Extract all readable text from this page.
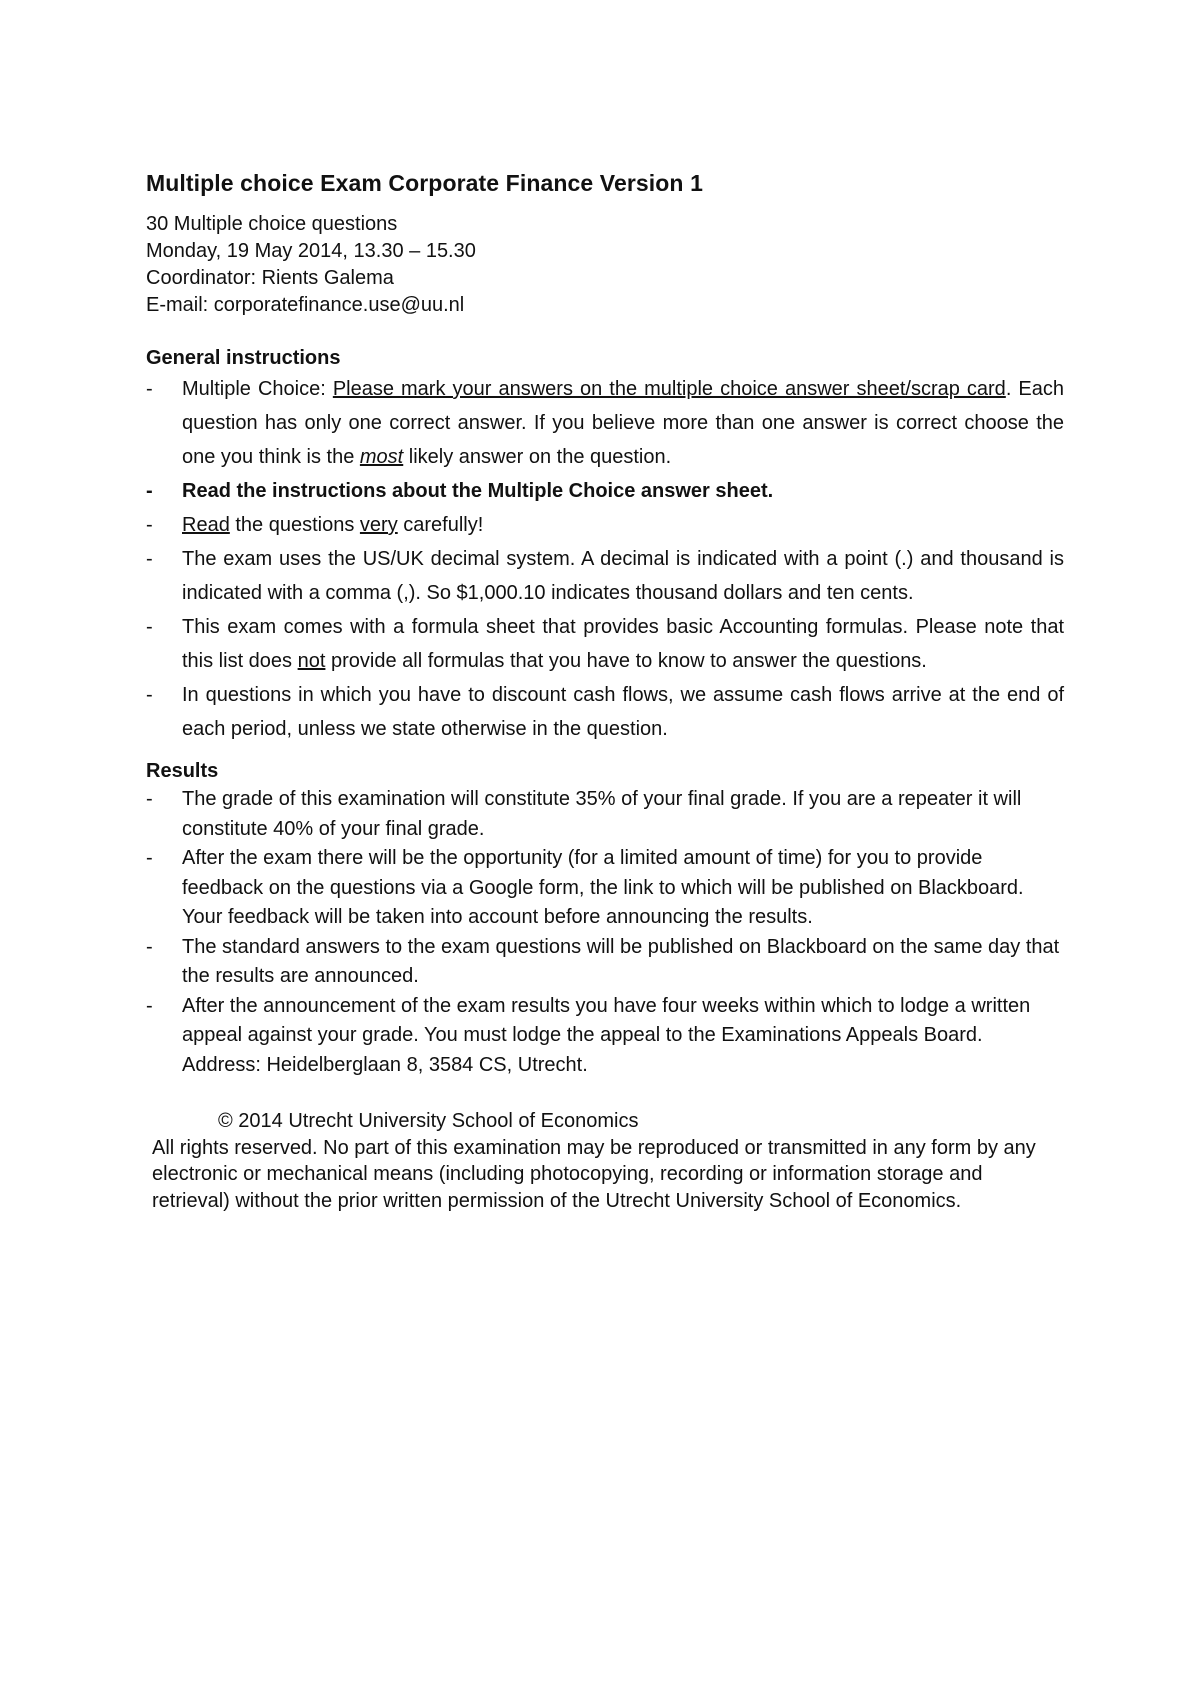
Multiple choice Exam Corporate Finance Version 1

30 Multiple choice questions

Monday, 19 May 2014, 13.30 – 15.30

Coordinator: Rients Galema

E-mail: corporatefinance.use@uu.nl

General instructions
- Multiple Choice: Please mark your answers on the multiple choice answer sheet/scrap card. Each question has only one correct answer. If you believe more than one answer is correct choose the one you think is the most likely answer on the question.
- Read the instructions about the Multiple Choice answer sheet.
- Read the questions very carefully!
- The exam uses the US/UK decimal system. A decimal is indicated with a point (.) and thousand is indicated with a comma (,). So $1,000.10 indicates thousand dollars and ten cents.
- This exam comes with a formula sheet that provides basic Accounting formulas. Please note that this list does not provide all formulas that you have to know to answer the questions.
- In questions in which you have to discount cash flows, we assume cash flows arrive at the end of each period, unless we state otherwise in the question.
Results
- The grade of this examination will constitute 35% of your final grade. If you are a repeater it will constitute 40% of your final grade.
- After the exam there will be the opportunity (for a limited amount of time) for you to provide feedback on the questions via a Google form, the link to which will be published on Blackboard. Your feedback will be taken into account before announcing the results.
- The standard answers to the exam questions will be published on Blackboard on the same day that the results are announced.
- After the announcement of the exam results you have four weeks within which to lodge a written appeal against your grade. You must lodge the appeal to the Examinations Appeals Board. Address: Heidelberglaan 8, 3584 CS, Utrecht.
© 2014 Utrecht University School of Economics
All rights reserved. No part of this examination may be reproduced or transmitted in any form by any electronic or mechanical means (including photocopying, recording or information storage and retrieval) without the prior written permission of the Utrecht University School of Economics.
